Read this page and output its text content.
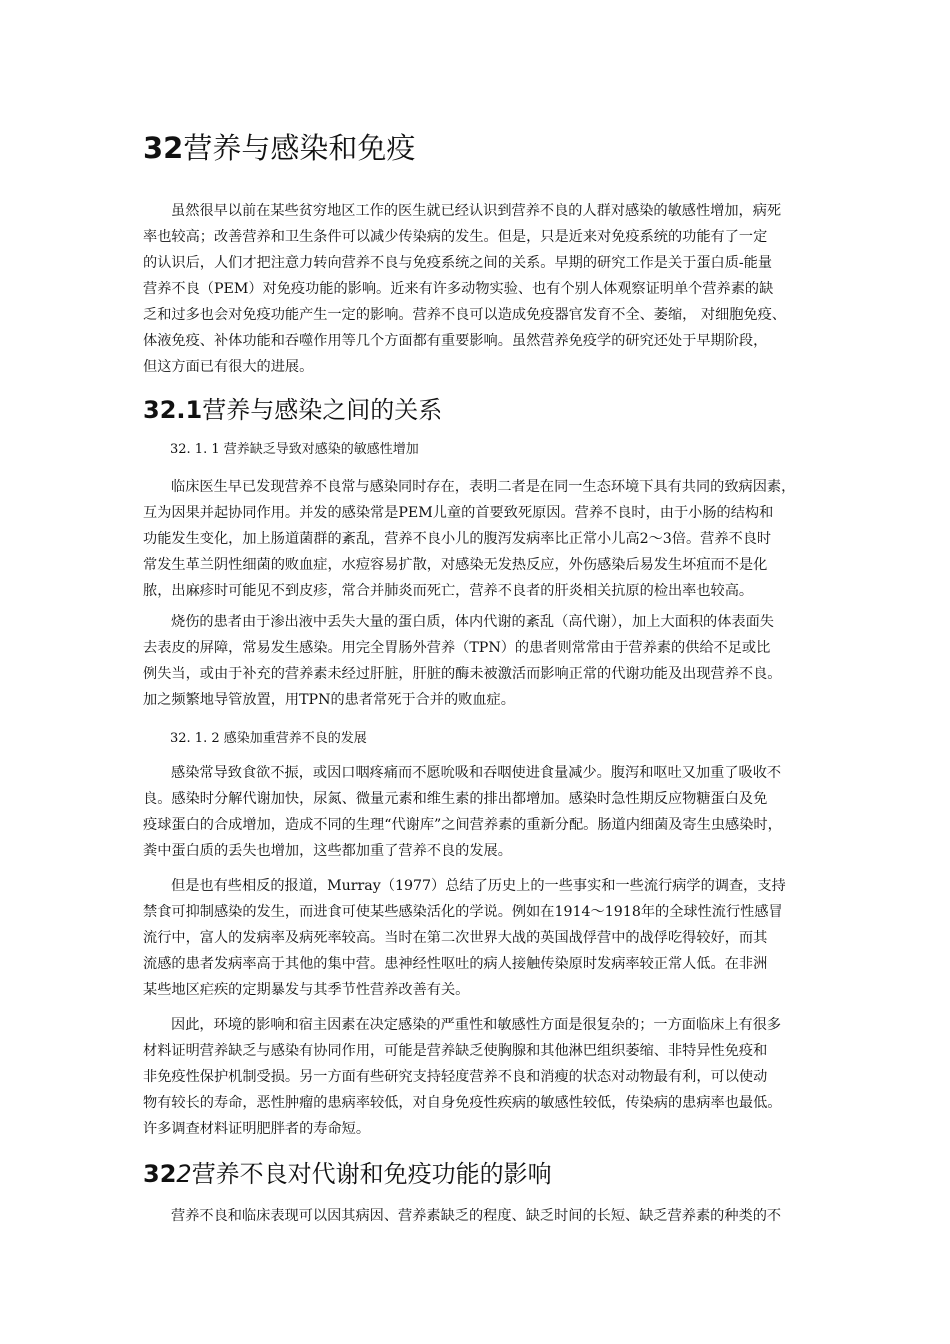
32营养与感染和免疫
虽然很早以前在某些贫穷地区工作的医生就已经认识到营养不良的人群对感染的敏感性增加，病死
率也较高；改善营养和卫生条件可以减少传染病的发生。但是，只是近来对免疫系统的功能有了一定
的认识后，人们才把注意力转向营养不良与免疫系统之间的关系。早期的研究工作是关于蛋白质-能量
营养不良（PEM）对免疫功能的影响。近来有许多动物实验、也有个别人体观察证明单个营养素的缺
乏和过多也会对免疫功能产生一定的影响。营养不良可以造成免疫器官发育不全、萎缩， 对细胞免疫、
体液免疫、补体功能和吞噬作用等几个方面都有重要影响。虽然营养免疫学的研究还处于早期阶段，
但这方面已有很大的进展。
32.1营养与感染之间的关系
32. 1. 1 营养缺乏导致对感染的敏感性增加
临床医生早已发现营养不良常与感染同时存在，表明二者是在同一生态环境下具有共同的致病因素，
互为因果并起协同作用。并发的感染常是PEM儿童的首要致死原因。营养不良时，由于小肠的结构和
功能发生变化，加上肠道菌群的紊乱，营养不良小儿的腹泻发病率比正常小儿高2〜3倍。营养不良时
常发生革兰阴性细菌的败血症，水痘容易扩散，对感染无发热反应，外伤感染后易发生坏疽而不是化
脓，出麻疹时可能见不到皮疹，常合并肺炎而死亡，营养不良者的肝炎相关抗原的检出率也较高。
烧伤的患者由于渗出液中丢失大量的蛋白质，体内代谢的紊乱（高代谢），加上大面积的体表面失
去表皮的屏障，常易发生感染。用完全胃肠外营养（TPN）的患者则常常由于营养素的供给不足或比
例失当，或由于补充的营养素未经过肝脏，肝脏的酶未被激活而影响正常的代谢功能及出现营养不良。
加之频繁地导管放置，用TPN的患者常死于合并的败血症。
32. 1. 2 感染加重营养不良的发展
感染常导致食欲不振，或因口咽疼痛而不愿吮吸和吞咽使进食量减少。腹泻和呕吐又加重了吸收不
良。感染时分解代谢加快，尿氮、微量元素和维生素的排出都增加。感染时急性期反应物糖蛋白及免
疫球蛋白的合成增加，造成不同的生理“代谢库”之间营养素的重新分配。肠道内细菌及寄生虫感染时，
粪中蛋白质的丢失也增加，这些都加重了营养不良的发展。
但是也有些相反的报道，Murray（1977）总结了历史上的一些事实和一些流行病学的调查，支持
禁食可抑制感染的发生，而进食可使某些感染活化的学说。例如在1914〜1918年的全球性流行性感冒
流行中，富人的发病率及病死率较高。当时在第二次世界大战的英国战俘营中的战俘吃得较好，而其
流感的患者发病率高于其他的集中营。患神经性呕吐的病人接触传染原时发病率较正常人低。在非洲
某些地区疟疾的定期暴发与其季节性营养改善有关。
因此，环境的影响和宿主因素在决定感染的严重性和敏感性方面是很复杂的；一方面临床上有很多
材料证明营养缺乏与感染有协同作用，可能是营养缺乏使胸腺和其他淋巴组织萎缩、非特异性免疫和
非免疫性保护机制受损。另一方面有些研究支持轻度营养不良和消瘦的状态对动物最有利，可以使动
物有较长的寿命，恶性肿瘤的患病率较低，对自身免疫性疾病的敏感性较低，传染病的患病率也最低。
许多调查材料证明肥胖者的寿命短。
322营养不良对代谢和免疫功能的影响
营养不良和临床表现可以因其病因、营养素缺乏的程度、缺乏时间的长短、缺乏营养素的种类的不
